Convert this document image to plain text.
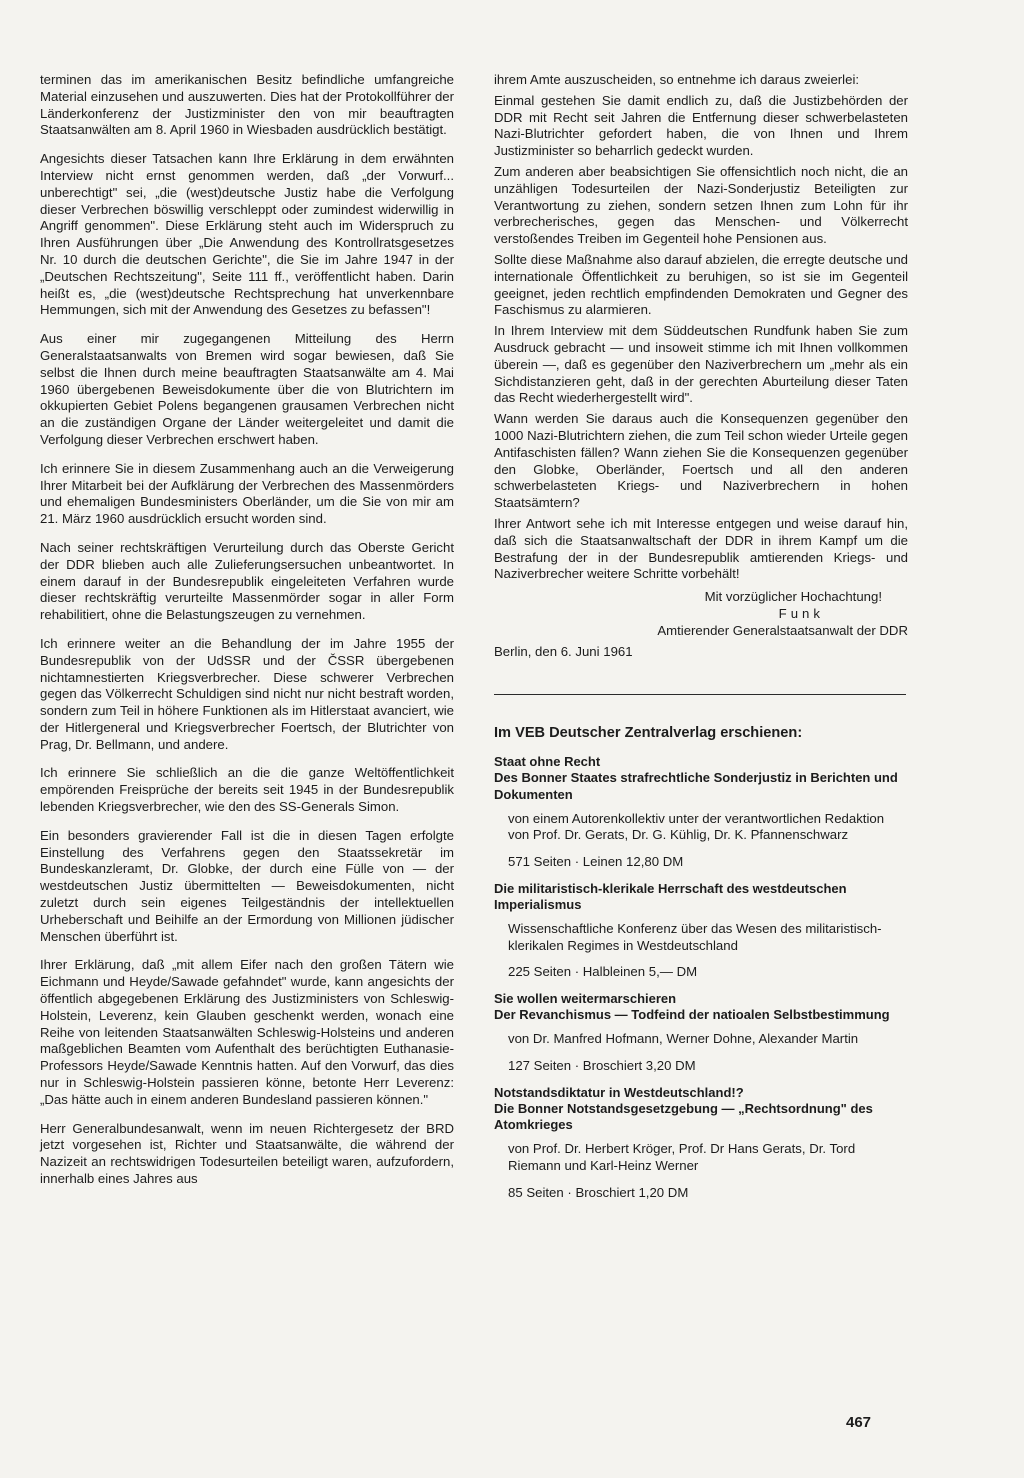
terminen das im amerikanischen Besitz befindliche umfangreiche Material einzusehen und auszuwerten. Dies hat der Protokollführer der Länderkonferenz der Justizminister den von mir beauftragten Staatsanwälten am 8. April 1960 in Wiesbaden ausdrücklich bestätigt.

Angesichts dieser Tatsachen kann Ihre Erklärung in dem erwähnten Interview nicht ernst genommen werden, daß „der Vorwurf... unberechtigt" sei, „die (west)deutsche Justiz habe die Verfolgung dieser Verbrechen böswillig verschleppt oder zumindest widerwillig in Angriff genommen". Diese Erklärung steht auch im Widerspruch zu Ihren Ausführungen über „Die Anwendung des Kontrollratsgesetzes Nr. 10 durch die deutschen Gerichte", die Sie im Jahre 1947 in der „Deutschen Rechtszeitung", Seite 111 ff., veröffentlicht haben. Darin heißt es, „die (west)deutsche Rechtsprechung hat unverkennbare Hemmungen, sich mit der Anwendung des Gesetzes zu befassen"!

Aus einer mir zugegangenen Mitteilung des Herrn Generalstaatsanwalts von Bremen wird sogar bewiesen, daß Sie selbst die Ihnen durch meine beauftragten Staatsanwälte am 4. Mai 1960 übergebenen Beweisdokumente über die von Blutrichtern im okkupierten Gebiet Polens begangenen grausamen Verbrechen nicht an die zuständigen Organe der Länder weitergeleitet und damit die Verfolgung dieser Verbrechen erschwert haben.

Ich erinnere Sie in diesem Zusammenhang auch an die Verweigerung Ihrer Mitarbeit bei der Aufklärung der Verbrechen des Massenmörders und ehemaligen Bundesministers Oberländer, um die Sie von mir am 21. März 1960 ausdrücklich ersucht worden sind.

Nach seiner rechtskräftigen Verurteilung durch das Oberste Gericht der DDR blieben auch alle Zulieferungsersuchen unbeantwortet. In einem darauf in der Bundesrepublik eingeleiteten Verfahren wurde dieser rechtskräftig verurteilte Massenmörder sogar in aller Form rehabilitiert, ohne die Belastungszeugen zu vernehmen.

Ich erinnere weiter an die Behandlung der im Jahre 1955 der Bundesrepublik von der UdSSR und der ČSSR übergebenen nichtamnestierten Kriegsverbrecher. Diese schwerer Verbrechen gegen das Völkerrecht Schuldigen sind nicht nur nicht bestraft worden, sondern zum Teil in höhere Funktionen als im Hitlerstaat avanciert, wie der Hitlergeneral und Kriegsverbrecher Foertsch, der Blutrichter von Prag, Dr. Bellmann, und andere.

Ich erinnere Sie schließlich an die die ganze Weltöffentlichkeit empörenden Freisprüche der bereits seit 1945 in der Bundesrepublik lebenden Kriegsverbrecher, wie den des SS-Generals Simon.

Ein besonders gravierender Fall ist die in diesen Tagen erfolgte Einstellung des Verfahrens gegen den Staatssekretär im Bundeskanzleramt, Dr. Globke, der durch eine Fülle von — der westdeutschen Justiz übermittelten — Beweisdokumenten, nicht zuletzt durch sein eigenes Teilgeständnis der intellektuellen Urheberschaft und Beihilfe an der Ermordung von Millionen jüdischer Menschen überführt ist.

Ihrer Erklärung, daß „mit allem Eifer nach den großen Tätern wie Eichmann und Heyde/Sawade gefahndet" wurde, kann angesichts der öffentlich abgegebenen Erklärung des Justizministers von Schleswig-Holstein, Leverenz, kein Glauben geschenkt werden, wonach eine Reihe von leitenden Staatsanwälten Schleswig-Holsteins und anderen maßgeblichen Beamten vom Aufenthalt des berüchtigten Euthanasie-Professors Heyde/Sawade Kenntnis hatten. Auf den Vorwurf, das dies nur in Schleswig-Holstein passieren könne, betonte Herr Leverenz: „Das hätte auch in einem anderen Bundesland passieren können."

Herr Generalbundesanwalt, wenn im neuen Richtergesetz der BRD jetzt vorgesehen ist, Richter und Staatsanwälte, die während der Nazizeit an rechtswidrigen Todesurteilen beteiligt waren, aufzufordern, innerhalb eines Jahres aus

ihrem Amte auszuscheiden, so entnehme ich daraus zweierlei:

Einmal gestehen Sie damit endlich zu, daß die Justizbehörden der DDR mit Recht seit Jahren die Entfernung dieser schwerbelasteten Nazi-Blutrichter gefordert haben, die von Ihnen und Ihrem Justizminister so beharrlich gedeckt wurden.

Zum anderen aber beabsichtigen Sie offensichtlich noch nicht, die an unzähligen Todesurteilen der Nazi-Sonderjustiz Beteiligten zur Verantwortung zu ziehen, sondern setzen Ihnen zum Lohn für ihr verbrecherisches, gegen das Menschen- und Völkerrecht verstoßendes Treiben im Gegenteil hohe Pensionen aus.

Sollte diese Maßnahme also darauf abzielen, die erregte deutsche und internationale Öffentlichkeit zu beruhigen, so ist sie im Gegenteil geeignet, jeden rechtlich empfindenden Demokraten und Gegner des Faschismus zu alarmieren.

In Ihrem Interview mit dem Süddeutschen Rundfunk haben Sie zum Ausdruck gebracht — und insoweit stimme ich mit Ihnen vollkommen überein —, daß es gegenüber den Naziverbrechern um „mehr als ein Sichdistanzieren geht, daß in der gerechten Aburteilung dieser Taten das Recht wiederhergestellt wird".

Wann werden Sie daraus auch die Konsequenzen gegenüber den 1000 Nazi-Blutrichtern ziehen, die zum Teil schon wieder Urteile gegen Antifaschisten fällen? Wann ziehen Sie die Konsequenzen gegenüber den Globke, Oberländer, Foertsch und all den anderen schwerbelasteten Kriegs- und Naziverbrechern in hohen Staatsämtern?

Ihrer Antwort sehe ich mit Interesse entgegen und weise darauf hin, daß sich die Staatsanwaltschaft der DDR in ihrem Kampf um die Bestrafung der in der Bundesrepublik amtierenden Kriegs- und Naziverbrecher weitere Schritte vorbehält!

Mit vorzüglicher Hochachtung!
Funk
Amtierender Generalstaatsanwalt der DDR
Berlin, den 6. Juni 1961
Im VEB Deutscher Zentralverlag erschienen:
Staat ohne Recht
Des Bonner Staates strafrechtliche Sonderjustiz in Berichten und Dokumenten
von einem Autorenkollektiv unter der verantwortlichen Redaktion von Prof. Dr. Gerats, Dr. G. Kühlig, Dr. K. Pfannenschwarz
571 Seiten · Leinen 12,80 DM
Die militaristisch-klerikale Herrschaft des westdeutschen Imperialismus
Wissenschaftliche Konferenz über das Wesen des militaristisch-klerikalen Regimes in Westdeutschland
225 Seiten · Halbleinen 5,— DM
Sie wollen weitermarschieren
Der Revanchismus — Todfeind der natioalen Selbstbestimmung
von Dr. Manfred Hofmann, Werner Dohne, Alexander Martin
127 Seiten · Broschiert 3,20 DM
Notstandsdiktatur in Westdeutschland!?
Die Bonner Notstandsgesetzgebung — „Rechtsordnung" des Atomkrieges
von Prof. Dr. Herbert Kröger, Prof. Dr Hans Gerats, Dr. Tord Riemann und Karl-Heinz Werner
85 Seiten · Broschiert 1,20 DM
467
